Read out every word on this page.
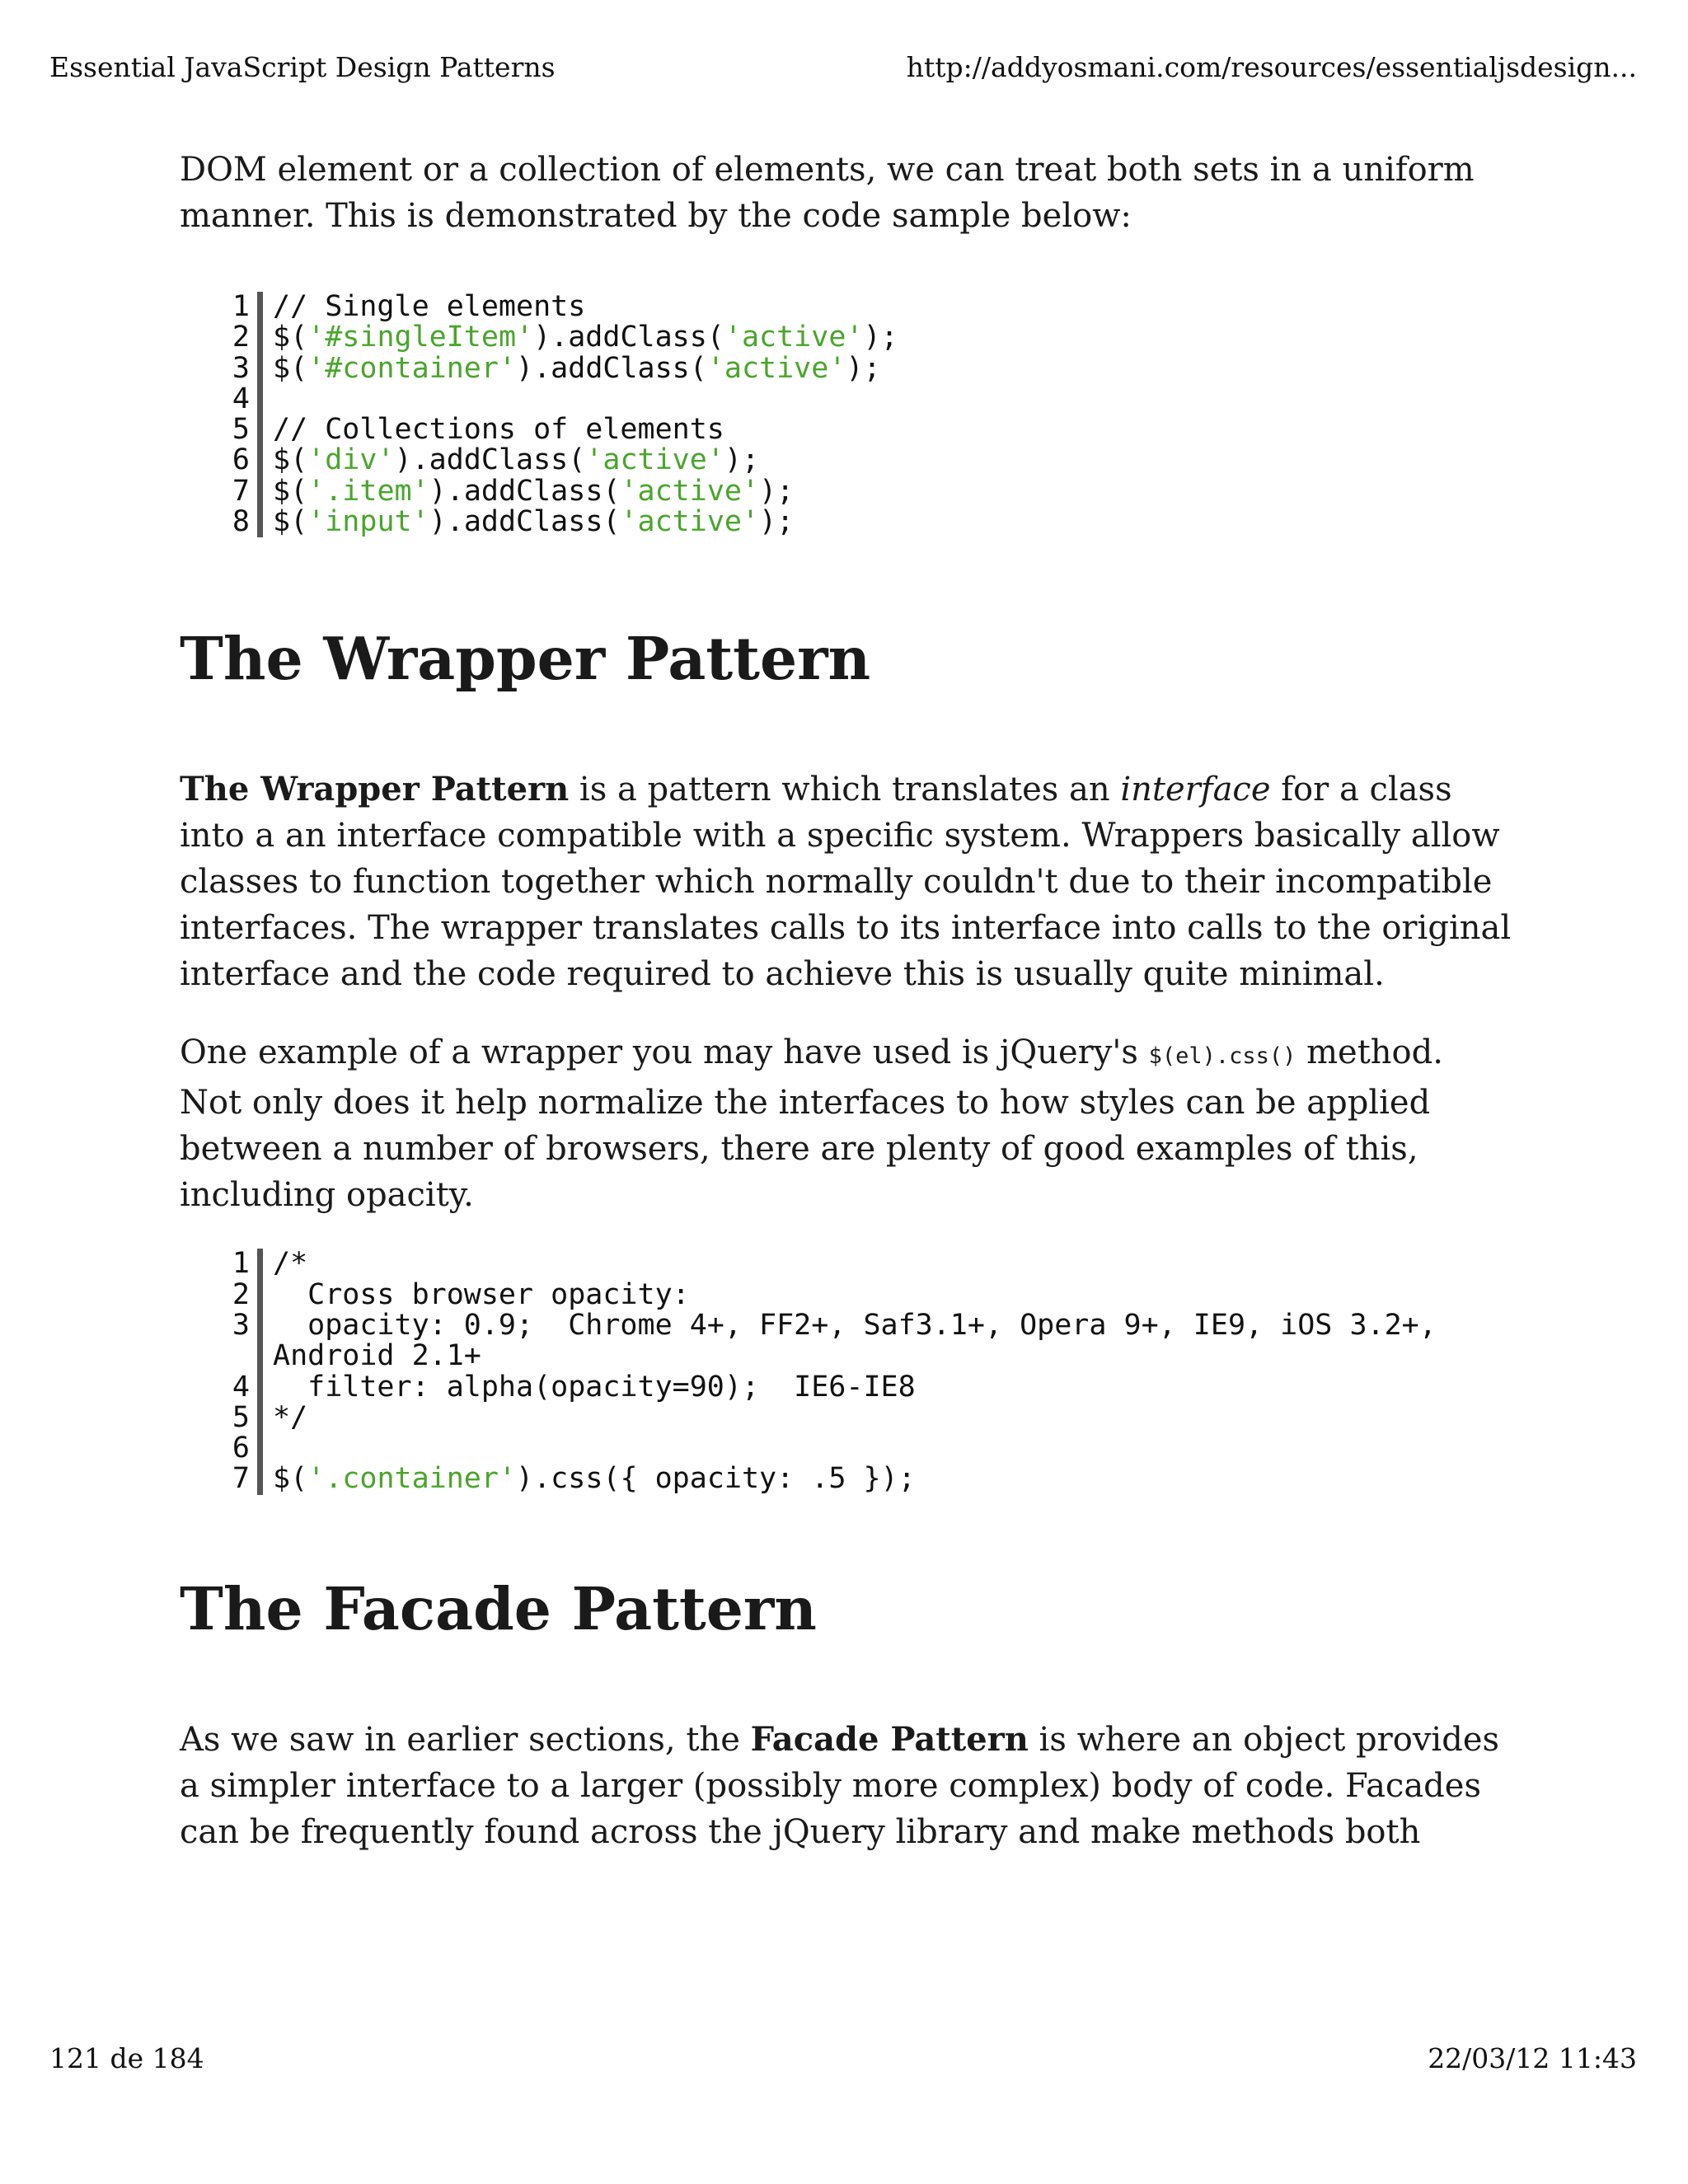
Essential JavaScript Design Patterns	http://addyosmani.com/resources/essentialjsdesign...

DOM element or a collection of elements, we can treat both sets in a uniform
manner. This is demonstrated by the code sample below:

1
2
3
4
5
6
7
8
// Single elements
$('#singleItem').addClass('active');
$('#container').addClass('active');
// Collections of elements
$('div').addClass('active');
$('.item').addClass('active');
$('input').addClass('active');
The Wrapper Pattern

The Wrapper Pattern is a pattern which translates an interface for a class
into a an interface compatible with a specific system. Wrappers basically allow
classes to function together which normally couldn't due to their incompatible
interfaces. The wrapper translates calls to its interface into calls to the original
interface and the code required to achieve this is usually quite minimal.

One example of a wrapper you may have used is jQuery's $(el).css() method.
Not only does it help normalize the interfaces to how styles can be applied
between a number of browsers, there are plenty of good examples of this,
including opacity.

1
2
3
4
5
6
7
/*
Cross browser opacity:
opacity: 0.9;  Chrome 4+, FF2+, Saf3.1+, Opera 9+, IE9, iOS 3.2+,
Android 2.1+
filter: alpha(opacity=90);  IE6-IE8
*/
$('.container').css({ opacity: .5 });
The Facade Pattern

As we saw in earlier sections, the Facade Pattern is where an object provides
a simpler interface to a larger (possibly more complex) body of code. Facades
can be frequently found across the jQuery library and make methods both

121 de 184	22/03/12 11:43
